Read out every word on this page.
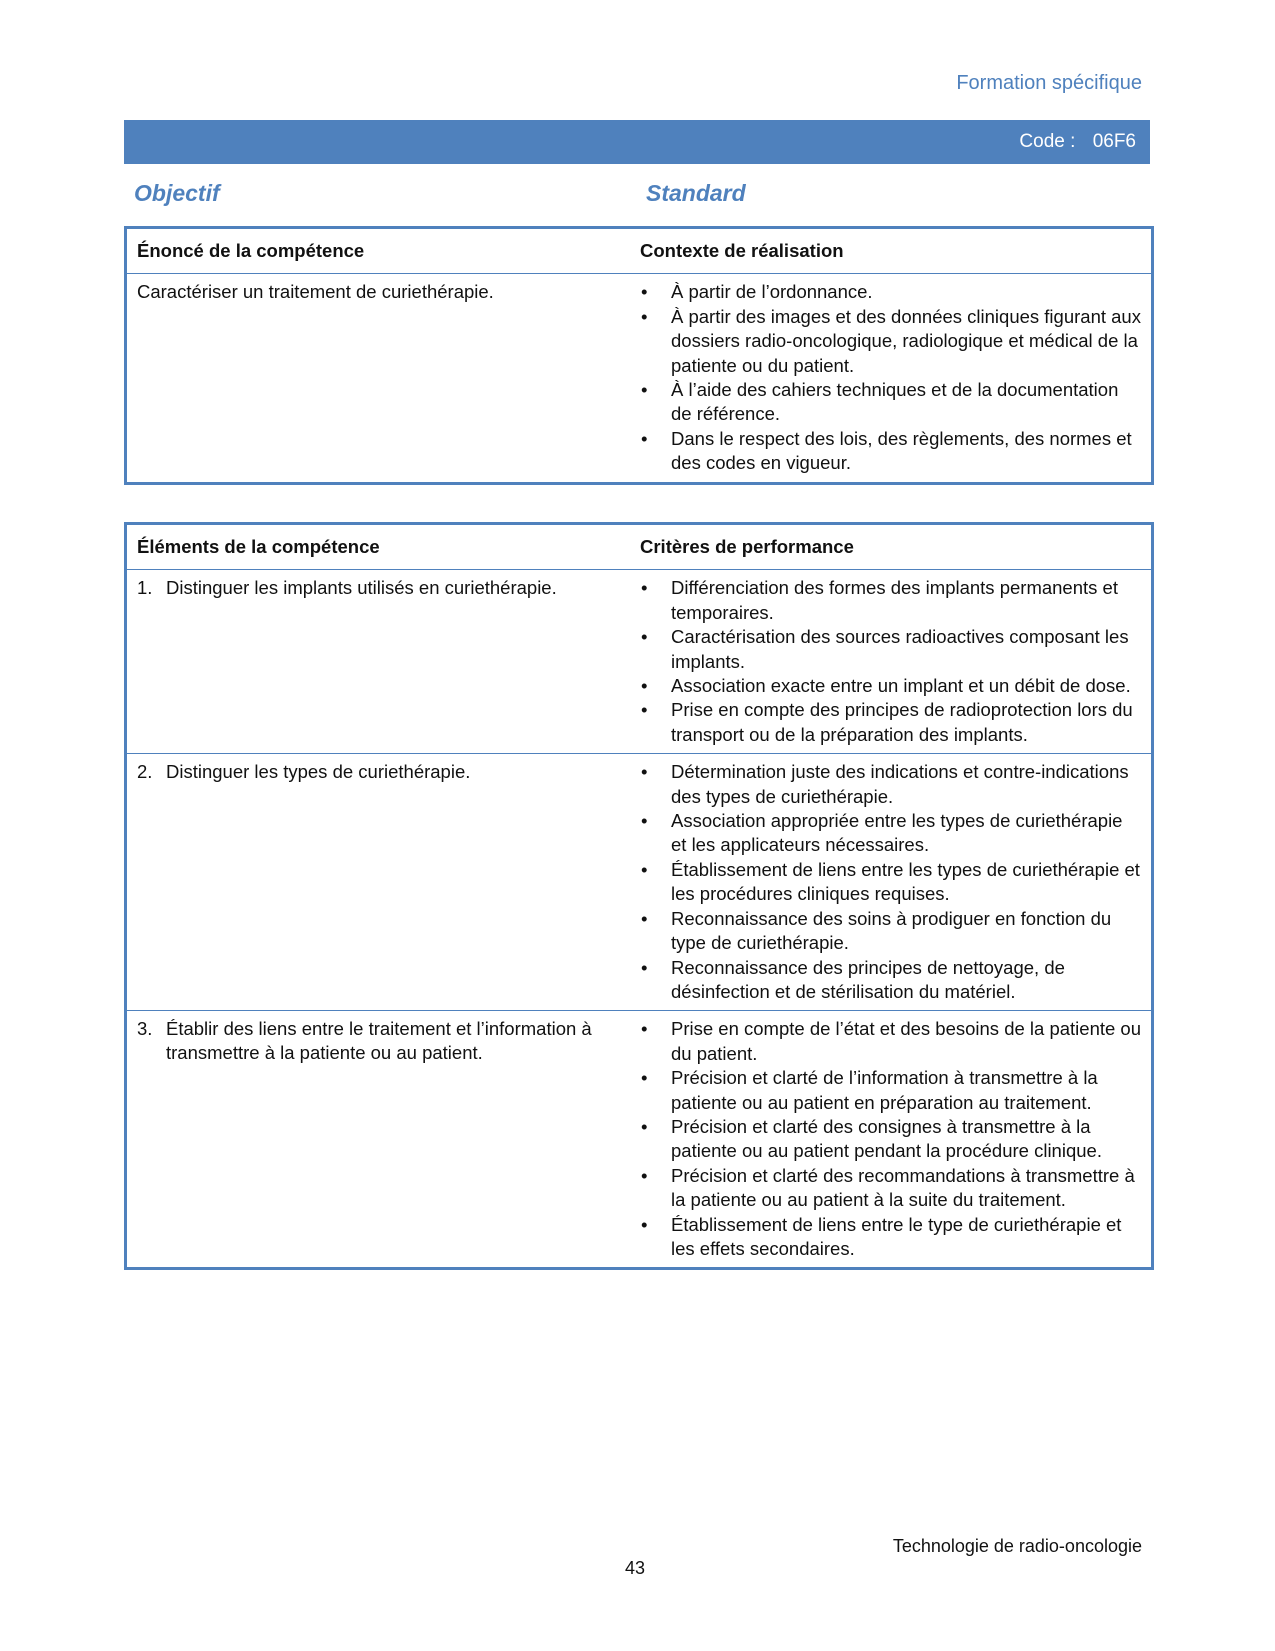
Formation spécifique
Code : 06F6
Objectif	Standard
Énoncé de la compétence	Contexte de réalisation
Caractériser un traitement de curiethérapie.	• À partir de l’ordonnance.
• À partir des images et des données cliniques figurant aux dossiers radio-oncologique, radiologique et médical de la patiente ou du patient.
• À l’aide des cahiers techniques et de la documentation de référence.
• Dans le respect des lois, des règlements, des normes et des codes en vigueur.
Éléments de la compétence	Critères de performance
1. Distinguer les implants utilisés en curiethérapie.	• Différenciation des formes des implants permanents et temporaires.
• Caractérisation des sources radioactives composant les implants.
• Association exacte entre un implant et un débit de dose.
• Prise en compte des principes de radioprotection lors du transport ou de la préparation des implants.
2. Distinguer les types de curiethérapie.	• Détermination juste des indications et contre-indications des types de curiethérapie.
• Association appropriée entre les types de curiethérapie et les applicateurs nécessaires.
• Établissement de liens entre les types de curiethérapie et les procédures cliniques requises.
• Reconnaissance des soins à prodiguer en fonction du type de curiethérapie.
• Reconnaissance des principes de nettoyage, de désinfection et de stérilisation du matériel.
3. Établir des liens entre le traitement et l’information à transmettre à la patiente ou au patient.
• Prise en compte de l’état et des besoins de la patiente ou du patient.
• Précision et clarté de l’information à transmettre à la patiente ou au patient en préparation au traitement.
• Précision et clarté des consignes à transmettre à la patiente ou au patient pendant la procédure clinique.
• Précision et clarté des recommandations à transmettre à la patiente ou au patient à la suite du traitement.
• Établissement de liens entre le type de curiethérapie et les effets secondaires.
Technologie de radio-oncologie
43
